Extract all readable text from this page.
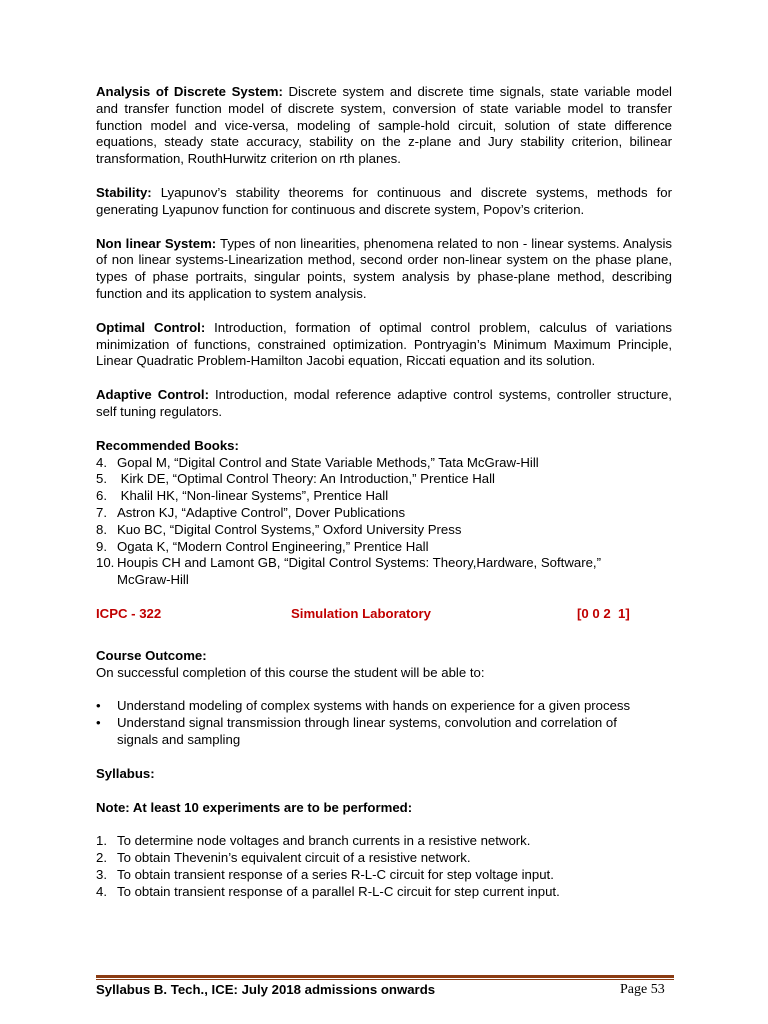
Analysis of Discrete System: Discrete system and discrete time signals, state variable model and transfer function model of discrete system, conversion of state variable model to transfer function model and vice-versa, modeling of sample-hold circuit, solution of state difference equations, steady state accuracy, stability on the z-plane and Jury stability criterion, bilinear transformation, RouthHurwitz criterion on rth planes.

Stability: Lyapunov’s stability theorems for continuous and discrete systems, methods for generating Lyapunov function for continuous and discrete system, Popov’s criterion.

Non linear System: Types of non linearities, phenomena related to non - linear systems. Analysis of non linear systems-Linearization method, second order non-linear system on the phase plane, types of phase portraits, singular points, system analysis by phase-plane method, describing function and its application to system analysis.

Optimal Control: Introduction, formation of optimal control problem, calculus of variations minimization of functions, constrained optimization. Pontryagin’s Minimum Maximum Principle, Linear Quadratic Problem-Hamilton Jacobi equation, Riccati equation and its solution.

Adaptive Control: Introduction, modal reference adaptive control systems, controller structure, self tuning regulators.

Recommended Books:

4. Gopal M, “Digital Control and State Variable Methods,” Tata McGraw-Hill
5. Kirk DE, “Optimal Control Theory: An Introduction,” Prentice Hall
6. Khalil HK, “Non-linear Systems”, Prentice Hall
7. Astron KJ, “Adaptive Control”, Dover Publications
8. Kuo BC, “Digital Control Systems,” Oxford University Press
9. Ogata K, “Modern Control Engineering,” Prentice Hall
10. Houpis CH and Lamont GB, “Digital Control Systems: Theory,Hardware, Software,” McGraw-Hill
ICPC - 322	Simulation Laboratory	[0 0 2  1]

Course Outcome:

On successful completion of this course the student will be able to:

•	Understand modeling of complex systems with hands on experience for a given process
•	Understand signal transmission through linear systems, convolution and correlation of signals and sampling

Syllabus:

Note: At least 10 experiments are to be performed:

1. To determine node voltages and branch currents in a resistive network.
2. To obtain Thevenin’s equivalent circuit of a resistive network.
3. To obtain transient response of a series R-L-C circuit for step voltage input.
4. To obtain transient response of a parallel R-L-C circuit for step current input.
Syllabus B. Tech., ICE: July 2018 admissions onwards	Page 53
